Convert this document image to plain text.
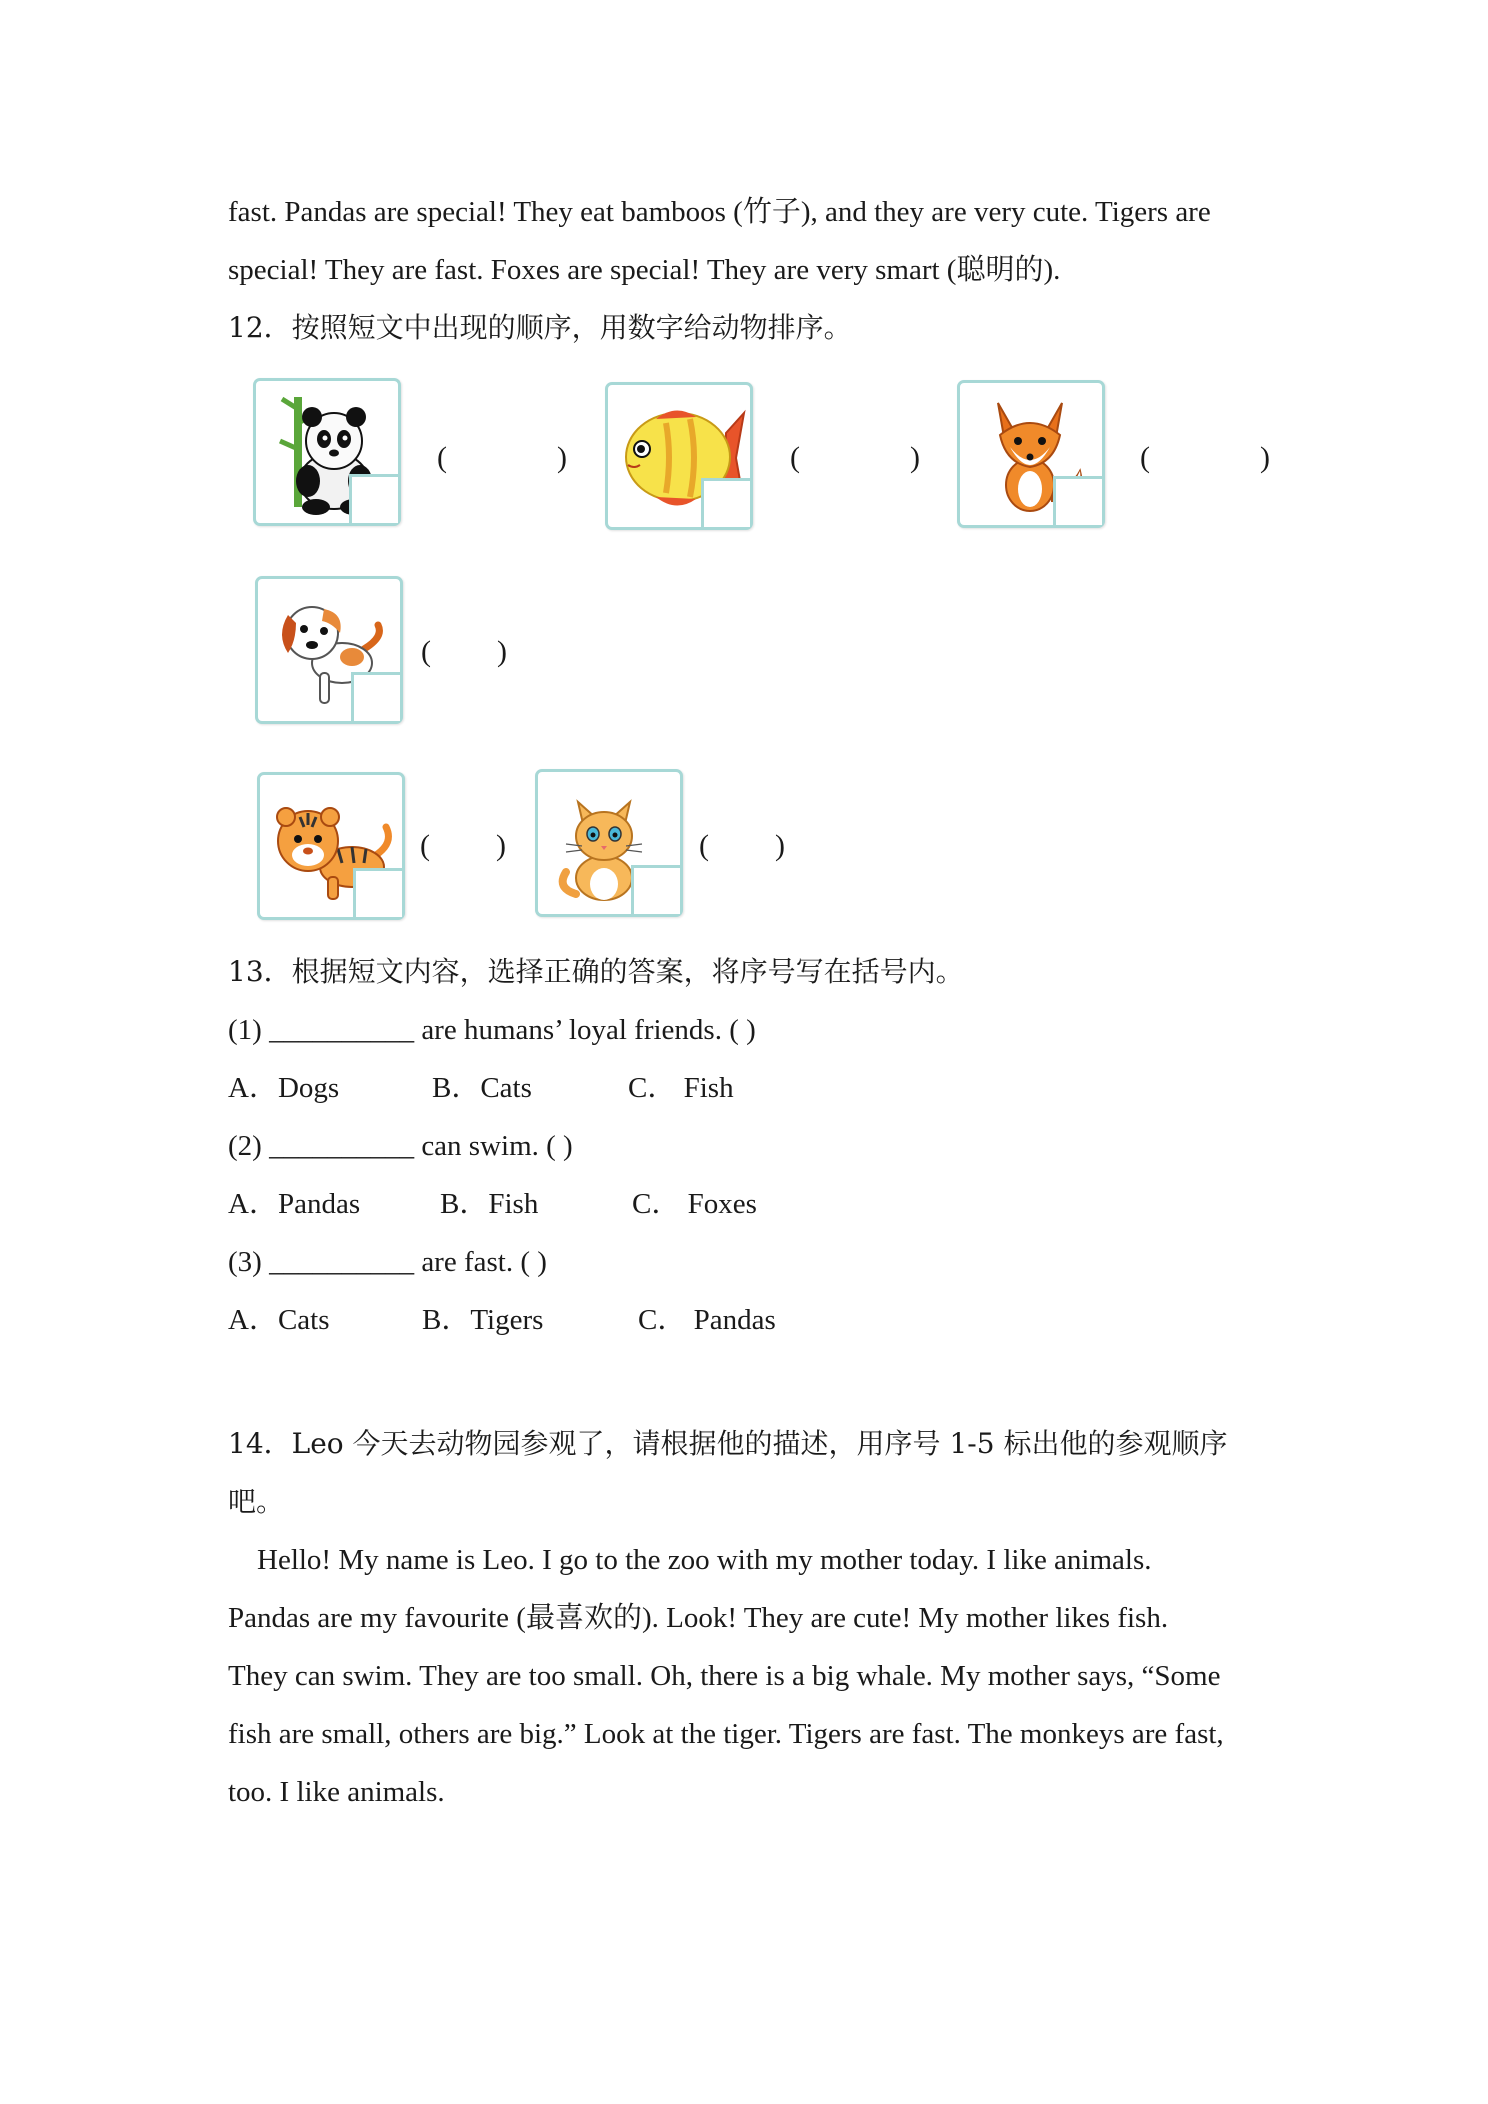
fast. Pandas are special! They eat bamboos (竹子), and they are very cute. Tigers are
special! They are fast. Foxes are special! They are very smart (聪明的).
12．按照短文中出现的顺序，用数字给动物排序。
(	)	(	)	(	)
( )
( )	( )
13．根据短文内容，选择正确的答案，将序号写在括号内。
(1) __________ are humans’ loyal friends. ( )
A．Dogs	B．Cats	C． Fish
(2) __________ can swim. ( )
A．Pandas	B．Fish	C． Foxes
(3) __________ are fast. ( )
A．Cats	B．Tigers	C． Pandas
14．Leo 今天去动物园参观了，请根据他的描述，用序号 1-5 标出他的参观顺序
吧。
Hello! My name is Leo. I go to the zoo with my mother today. I like animals.
Pandas are my favourite (最喜欢的). Look! They are cute! My mother likes fish.
They can swim. They are too small. Oh, there is a big whale. My mother says, “Some
fish are small, others are big.” Look at the tiger. Tigers are fast. The monkeys are fast,
too. I like animals.
